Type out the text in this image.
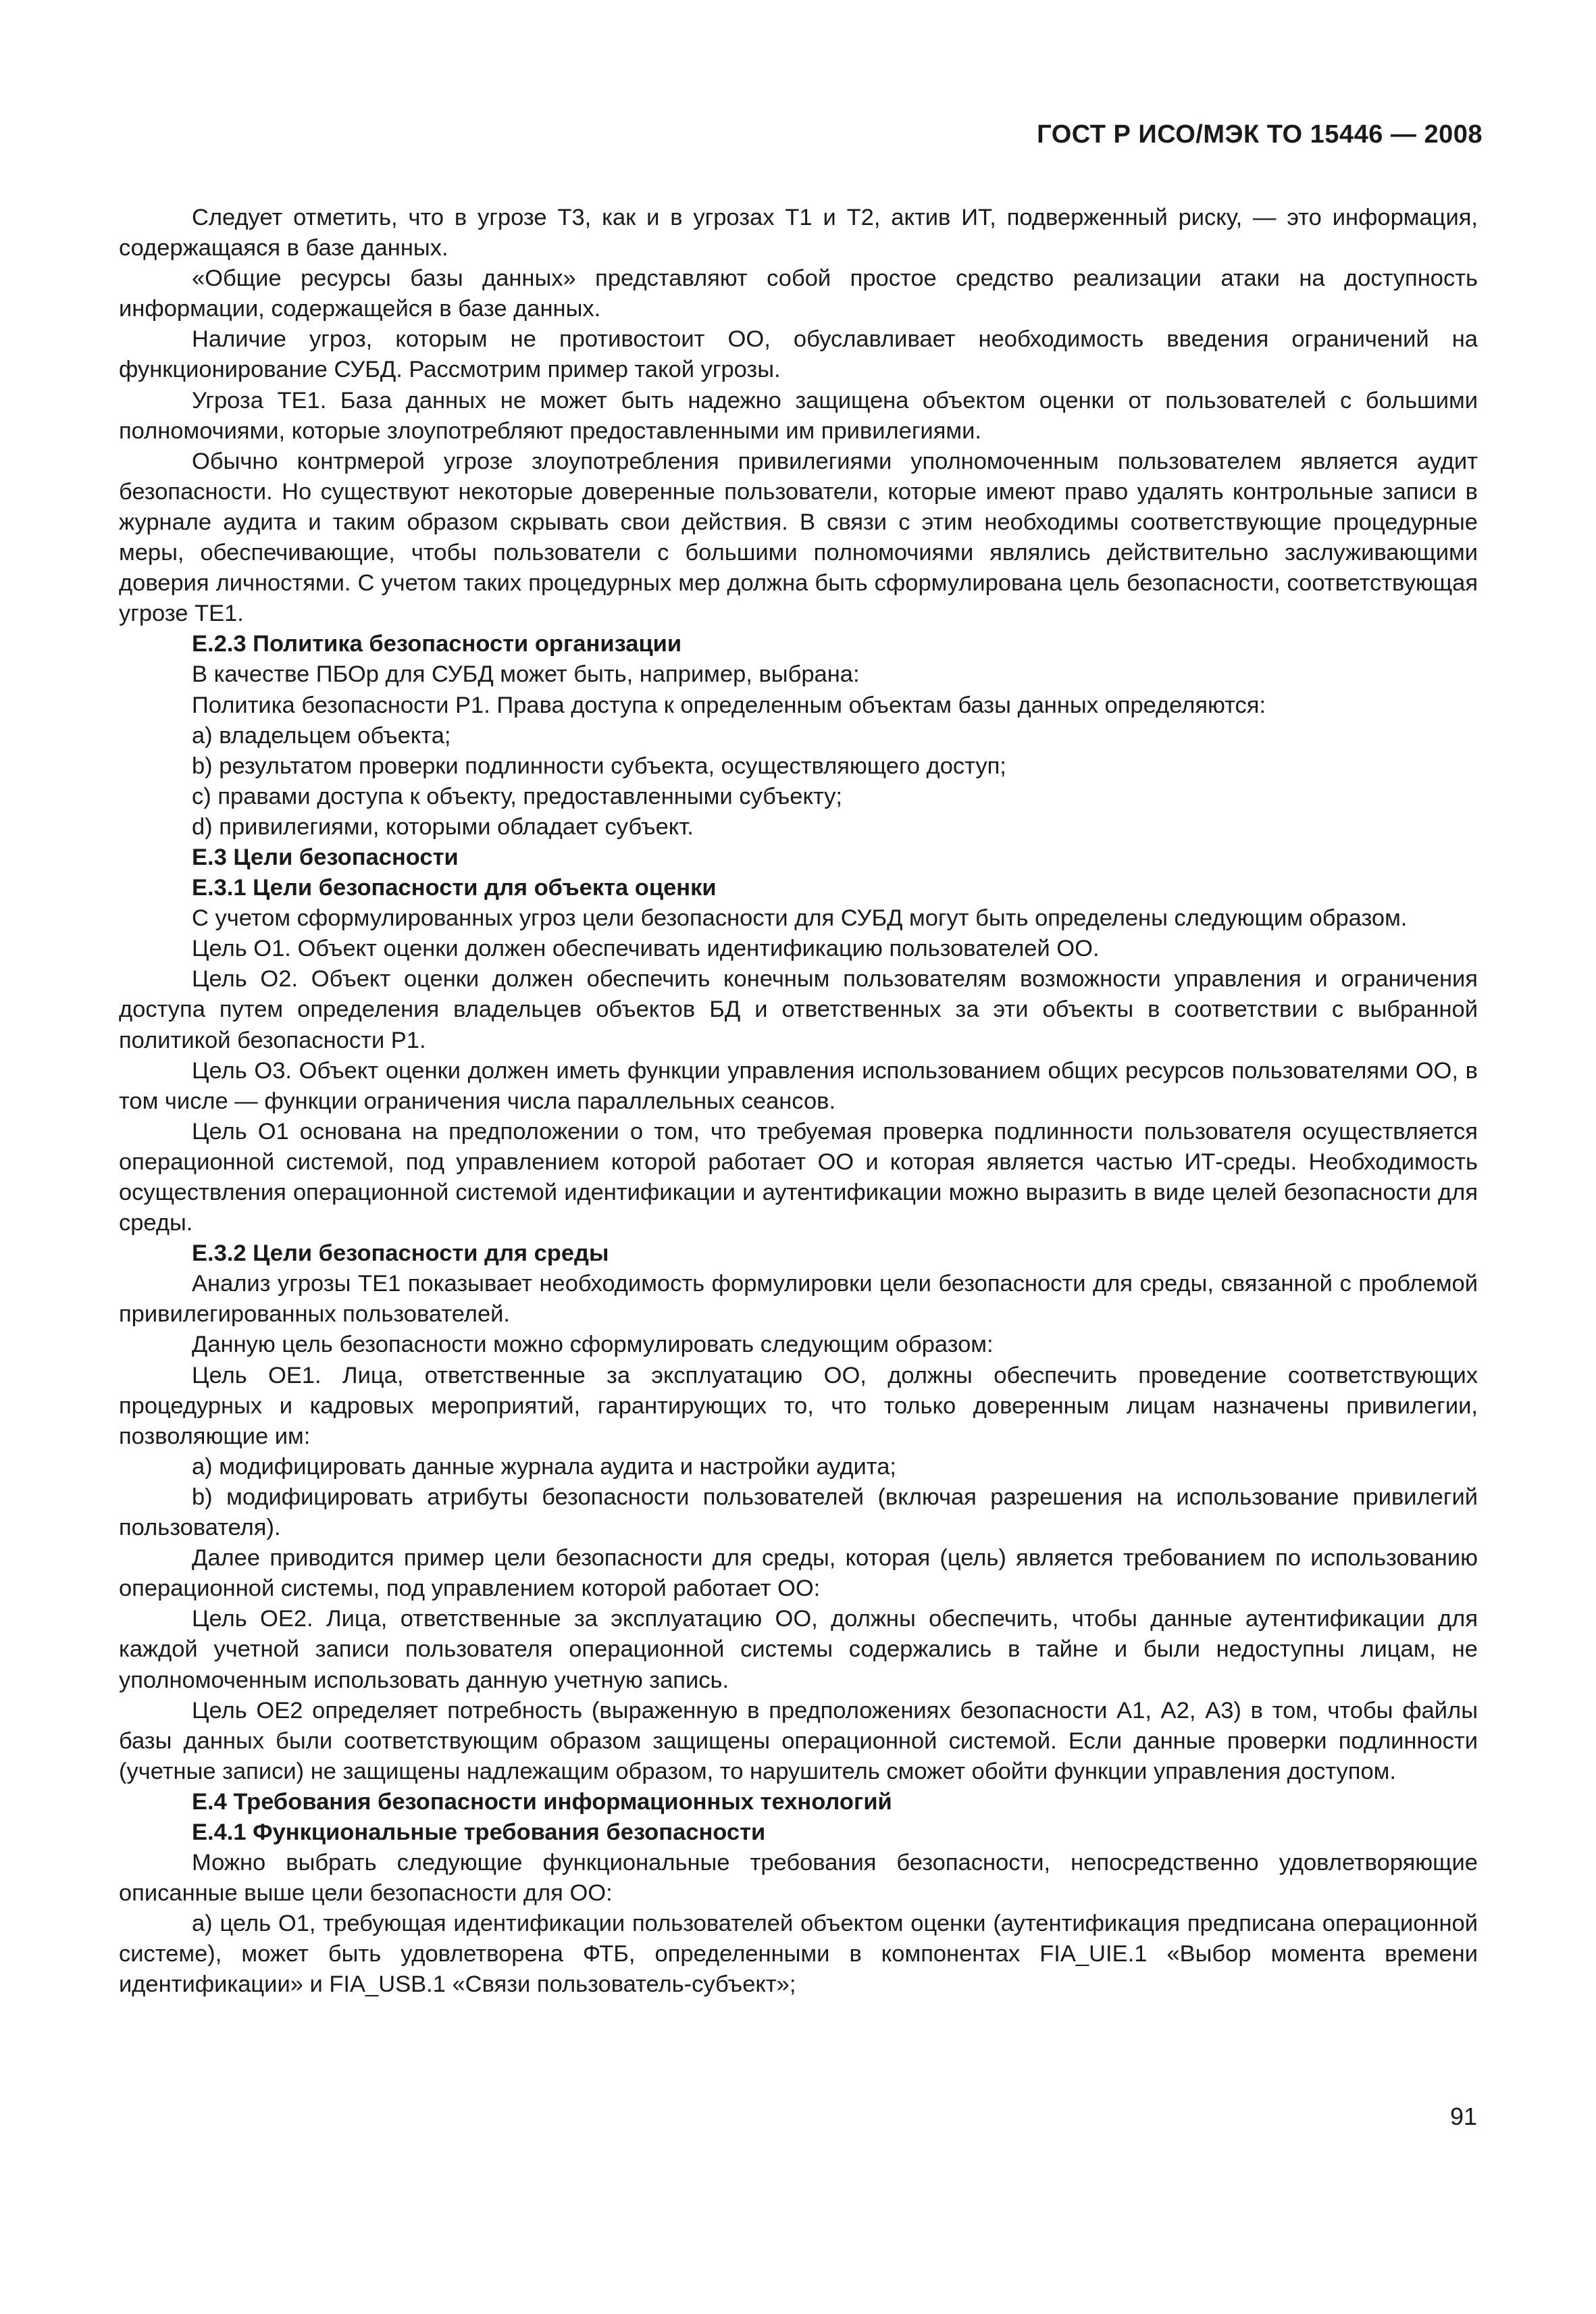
ГОСТ Р ИСО/МЭК ТО 15446 — 2008

Следует отметить, что в угрозе Т3, как и в угрозах Т1 и Т2, актив ИТ, подверженный риску, — это информация, содержащаяся в базе данных.

«Общие ресурсы базы данных» представляют собой простое средство реализации атаки на доступность информации, содержащейся в базе данных.

Наличие угроз, которым не противостоит ОО, обуславливает необходимость введения ограничений на функционирование СУБД. Рассмотрим пример такой угрозы.

Угроза ТЕ1. База данных не может быть надежно защищена объектом оценки от пользователей с большими полномочиями, которые злоупотребляют предоставленными им привилегиями.

Обычно контрмерой угрозе злоупотребления привилегиями уполномоченным пользователем является аудит безопасности. Но существуют некоторые доверенные пользователи, которые имеют право удалять контрольные записи в журнале аудита и таким образом скрывать свои действия. В связи с этим необходимы соответствующие процедурные меры, обеспечивающие, чтобы пользователи с большими полномочиями являлись действительно заслуживающими доверия личностями. С учетом таких процедурных мер должна быть сформулирована цель безопасности, соответствующая угрозе ТЕ1.

Е.2.3 Политика безопасности организации

В качестве ПБОр для СУБД может быть, например, выбрана:

Политика безопасности Р1. Права доступа к определенным объектам базы данных определяются:

а) владельцем объекта;

b) результатом проверки подлинности субъекта, осуществляющего доступ;

c) правами доступа к объекту, предоставленными субъекту;

d) привилегиями, которыми обладает субъект.

Е.3 Цели безопасности

Е.3.1 Цели безопасности для объекта оценки

С учетом сформулированных угроз цели безопасности для СУБД могут быть определены следующим образом.

Цель О1. Объект оценки должен обеспечивать идентификацию пользователей ОО.

Цель О2. Объект оценки должен обеспечить конечным пользователям возможности управления и ограничения доступа путем определения владельцев объектов БД и ответственных за эти объекты в соответствии с выбранной политикой безопасности Р1.

Цель О3. Объект оценки должен иметь функции управления использованием общих ресурсов пользователями ОО, в том числе — функции ограничения числа параллельных сеансов.

Цель О1 основана на предположении о том, что требуемая проверка подлинности пользователя осуществляется операционной системой, под управлением которой работает ОО и которая является частью ИТ-среды. Необходимость осуществления операционной системой идентификации и аутентификации можно выразить в виде целей безопасности для среды.

Е.3.2 Цели безопасности для среды

Анализ угрозы ТЕ1 показывает необходимость формулировки цели безопасности для среды, связанной с проблемой привилегированных пользователей.

Данную цель безопасности можно сформулировать следующим образом:

Цель ОЕ1. Лица, ответственные за эксплуатацию ОО, должны обеспечить проведение соответствующих процедурных и кадровых мероприятий, гарантирующих то, что только доверенным лицам назначены привилегии, позволяющие им:

а) модифицировать данные журнала аудита и настройки аудита;

b) модифицировать атрибуты безопасности пользователей (включая разрешения на использование привилегий пользователя).

Далее приводится пример цели безопасности для среды, которая (цель) является требованием по использованию операционной системы, под управлением которой работает ОО:

Цель ОЕ2. Лица, ответственные за эксплуатацию ОО, должны обеспечить, чтобы данные аутентификации для каждой учетной записи пользователя операционной системы содержались в тайне и были недоступны лицам, не уполномоченным использовать данную учетную запись.

Цель ОЕ2 определяет потребность (выраженную в предположениях безопасности А1, А2, А3) в том, чтобы файлы базы данных были соответствующим образом защищены операционной системой. Если данные проверки подлинности (учетные записи) не защищены надлежащим образом, то нарушитель сможет обойти функции управления доступом.

Е.4 Требования безопасности информационных технологий

Е.4.1 Функциональные требования безопасности

Можно выбрать следующие функциональные требования безопасности, непосредственно удовлетворяющие описанные выше цели безопасности для ОО:

а) цель О1, требующая идентификации пользователей объектом оценки (аутентификация предписана операционной системе), может быть удовлетворена ФТБ, определенными в компонентах FIA_UIE.1 «Выбор момента времени идентификации» и FIA_USB.1 «Связи пользователь-субъект»;

91
